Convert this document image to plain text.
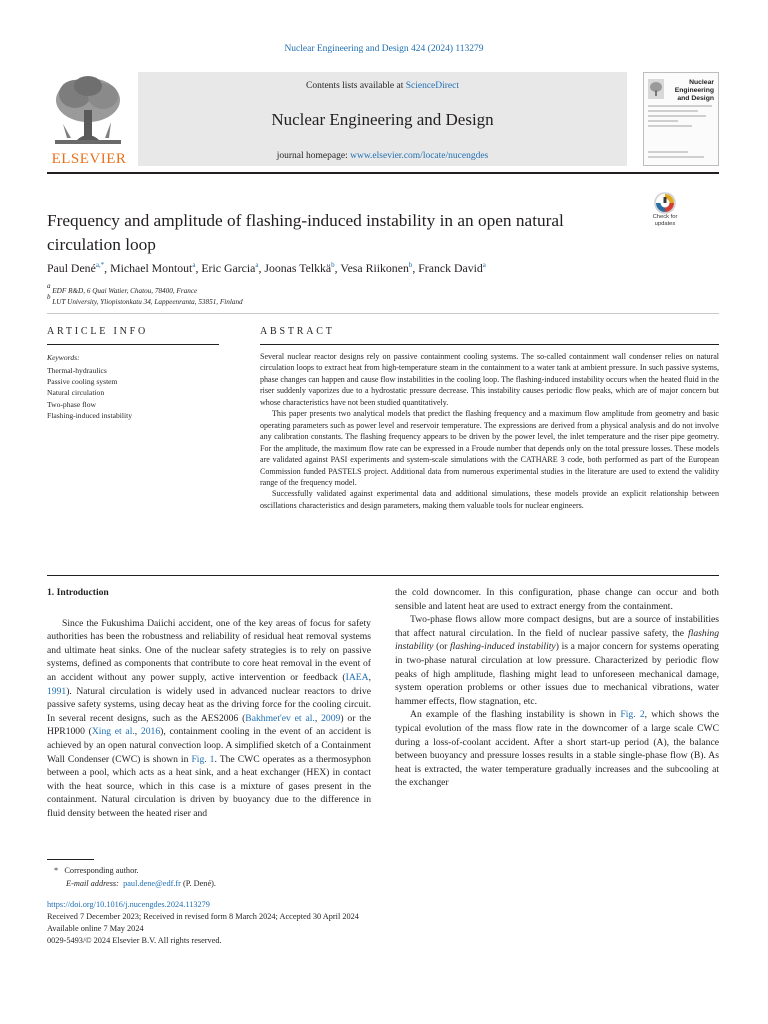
Nuclear Engineering and Design 424 (2024) 113279
ELSEVIER
Contents lists available at ScienceDirect
Nuclear Engineering and Design
journal homepage: www.elsevier.com/locate/nucengdes
Nuclear Engineering and Design
Frequency and amplitude of flashing-induced instability in an open natural circulation loop
Check for updates
Paul Dené$^{a,*}$, Michael Montout$^a$, Eric Garcia$^a$, Joonas Telkkä$^b$, Vesa Riikonen$^b$, Franck David$^a$
$^a$ EDF R&D, 6 Quai Watier, Chatou, 78400, France
$^b$ LUT University, Yliopistonkatu 34, Lappeenranta, 53851, Finland
ARTICLE INFO	ABSTRACT
Keywords:
Thermal-hydraulics
Passive cooling system
Natural circulation
Two-phase flow
Flashing-induced instability

Several nuclear reactor designs rely on passive containment cooling systems. The so-called containment wall condenser relies on natural circulation loops to extract heat from high-temperature steam in the containment to a water tank at ambient pressure. In such passive systems, phase changes can happen and cause flow instabilities in the cooling loop. The flashing-induced instability occurs when the heated fluid in the riser suddenly vaporizes due to a hydrostatic pressure decrease. This instability causes periodic flow peaks, which are of major concern but whose characteristics have not been studied quantitatively.

This paper presents two analytical models that predict the flashing frequency and a maximum flow amplitude from geometry and basic operating parameters such as power level and reservoir temperature. The expressions are derived from a physical analysis and do not involve any calibration constants. The flashing frequency appears to be driven by the power level, the inlet temperature and the riser pipe geometry. For the amplitude, the maximum flow rate can be expressed in a Froude number that depends only on the total pressure losses. These models are validated against PASI experiments and system-scale simulations with the CATHARE 3 code, both performed as part of the European Commission funded PASTELS project. Additional data from numerous experimental studies in the literature are used to extend the validity range of the frequency model.

Successfully validated against experimental data and additional simulations, these models provide an explicit relationship between oscillations characteristics and design parameters, making them valuable tools for nuclear engineers.

1. Introduction

Since the Fukushima Daiichi accident, one of the key areas of focus for safety authorities has been the robustness and reliability of residual heat removal systems and ultimate heat sinks. One of the nuclear safety strategies is to rely on passive systems, defined as components that contribute to core heat removal in the event of an accident without any power supply, active intervention or feedback (IAEA, 1991). Natural circulation is widely used in advanced nuclear reactors to drive passive safety systems, using decay heat as the driving force for the cooling circuit. In several recent designs, such as the AES2006 (Bakhmet'ev et al., 2009) or the HPR1000 (Xing et al., 2016), containment cooling in the event of an accident is achieved by an open natural convection loop. A simplified sketch of a Containment Wall Condenser (CWC) is shown in Fig. 1. The CWC operates as a thermosyphon between a pool, which acts as a heat sink, and a heat exchanger (HEX) in contact with the heat source, which in this case is a mixture of gases present in the containment. Natural circulation is driven by buoyancy due to the difference in fluid density between the heated riser and

the cold downcomer. In this configuration, phase change can occur and both sensible and latent heat are used to extract energy from the containment.

Two-phase flows allow more compact designs, but are a source of instabilities that affect natural circulation. In the field of nuclear passive safety, the flashing instability (or flashing-induced instability) is a major concern for systems operating in two-phase natural circulation at low pressure. Characterized by periodic flow peaks of high amplitude, flashing might lead to unforeseen mechanical damage, system operation problems or other issues due to mechanical vibrations, water hammer effects, flow stagnation, etc.

An example of the flashing instability is shown in Fig. 2, which shows the typical evolution of the mass flow rate in the downcomer of a large scale CWC during a loss-of-coolant accident. After a short start-up period (A), the balance between buoyancy and pressure losses results in a stable single-phase flow (B). As heat is extracted, the water temperature gradually increases and the subcooling at the exchanger

* Corresponding author.
E-mail address: paul.dene@edf.fr (P. Dené).
https://doi.org/10.1016/j.nucengdes.2024.113279
Received 7 December 2023; Received in revised form 8 March 2024; Accepted 30 April 2024
Available online 7 May 2024
0029-5493/© 2024 Elsevier B.V. All rights reserved.
